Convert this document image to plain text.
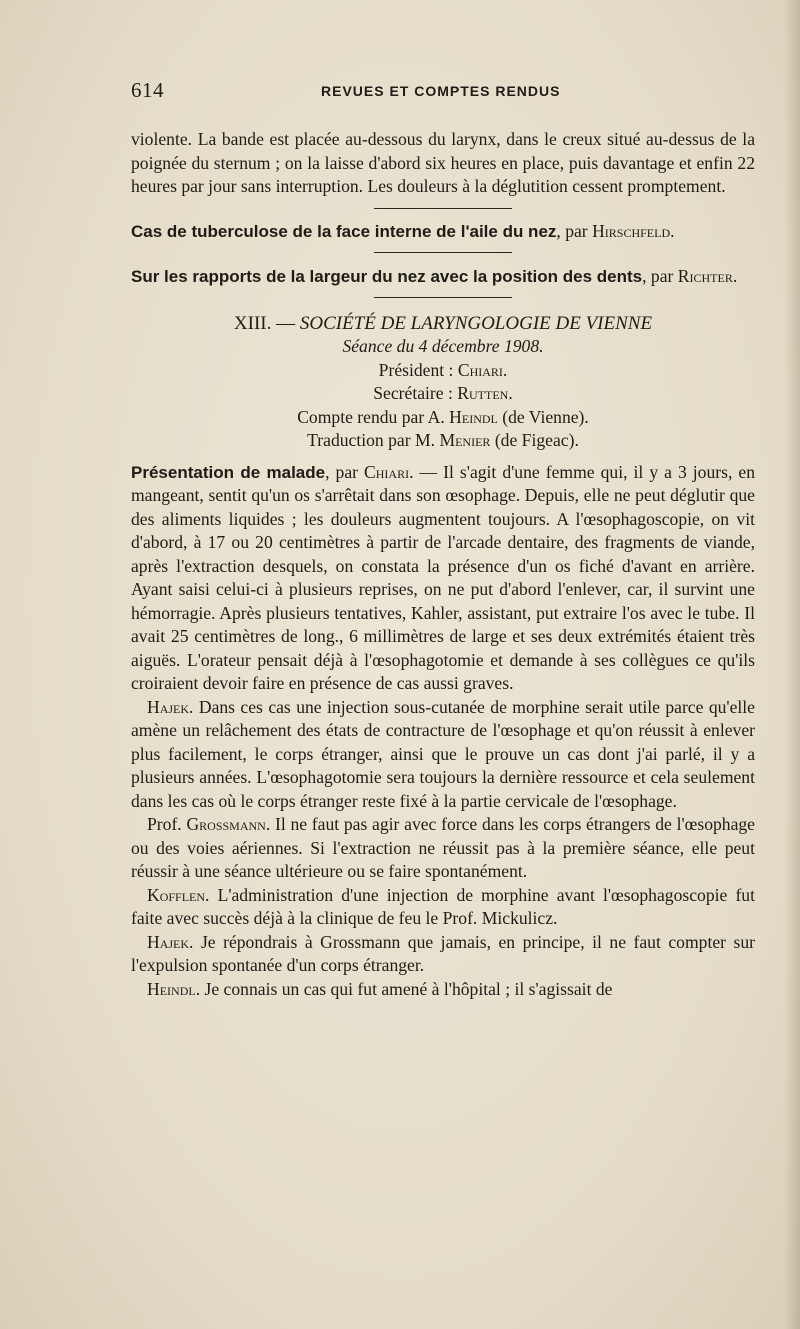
614	REVUES ET COMPTES RENDUS

violente. La bande est placée au-dessous du larynx, dans le creux situé au-dessus de la poignée du sternum ; on la laisse d'abord six heures en place, puis davantage et enfin 22 heures par jour sans interruption. Les douleurs à la déglutition cessent promptement.

Cas de tuberculose de la face interne de l'aile du nez, par Hirschfeld.

Sur les rapports de la largeur du nez avec la position des dents, par Richter.

XIII. — SOCIÉTÉ DE LARYNGOLOGIE DE VIENNE
Séance du 4 décembre 1908.
Président : Chiari.
Secrétaire : Rutten.
Compte rendu par A. Heindl (de Vienne).
Traduction par M. Menier (de Figeac).

Présentation de malade, par Chiari. — Il s'agit d'une femme qui, il y a 3 jours, en mangeant, sentit qu'un os s'arrêtait dans son œsophage. Depuis, elle ne peut déglutir que des aliments liquides ; les douleurs augmentent toujours. A l'œsophagoscopie, on vit d'abord, à 17 ou 20 centimètres à partir de l'arcade dentaire, des fragments de viande, après l'extraction desquels, on constata la présence d'un os fiché d'avant en arrière. Ayant saisi celui-ci à plusieurs reprises, on ne put d'abord l'enlever, car, il survint une hémorragie. Après plusieurs tentatives, Kahler, assistant, put extraire l'os avec le tube. Il avait 25 centimètres de long., 6 millimètres de large et ses deux extrémités étaient très aiguës. L'orateur pensait déjà à l'œsophagotomie et demande à ses collègues ce qu'ils croiraient devoir faire en présence de cas aussi graves.

Hajek. Dans ces cas une injection sous-cutanée de morphine serait utile parce qu'elle amène un relâchement des états de contracture de l'œsophage et qu'on réussit à enlever plus facilement, le corps étranger, ainsi que le prouve un cas dont j'ai parlé, il y a plusieurs années. L'œsophagotomie sera toujours la dernière ressource et cela seulement dans les cas où le corps étranger reste fixé à la partie cervicale de l'œsophage.

Prof. Grossmann. Il ne faut pas agir avec force dans les corps étrangers de l'œsophage ou des voies aériennes. Si l'extraction ne réussit pas à la première séance, elle peut réussir à une séance ultérieure ou se faire spontanément.

Kofflen. L'administration d'une injection de morphine avant l'œsophagoscopie fut faite avec succès déjà à la clinique de feu le Prof. Mickulicz.

Hajek. Je répondrais à Grossmann que jamais, en principe, il ne faut compter sur l'expulsion spontanée d'un corps étranger.

Heindl. Je connais un cas qui fut amené à l'hôpital ; il s'agissait de
